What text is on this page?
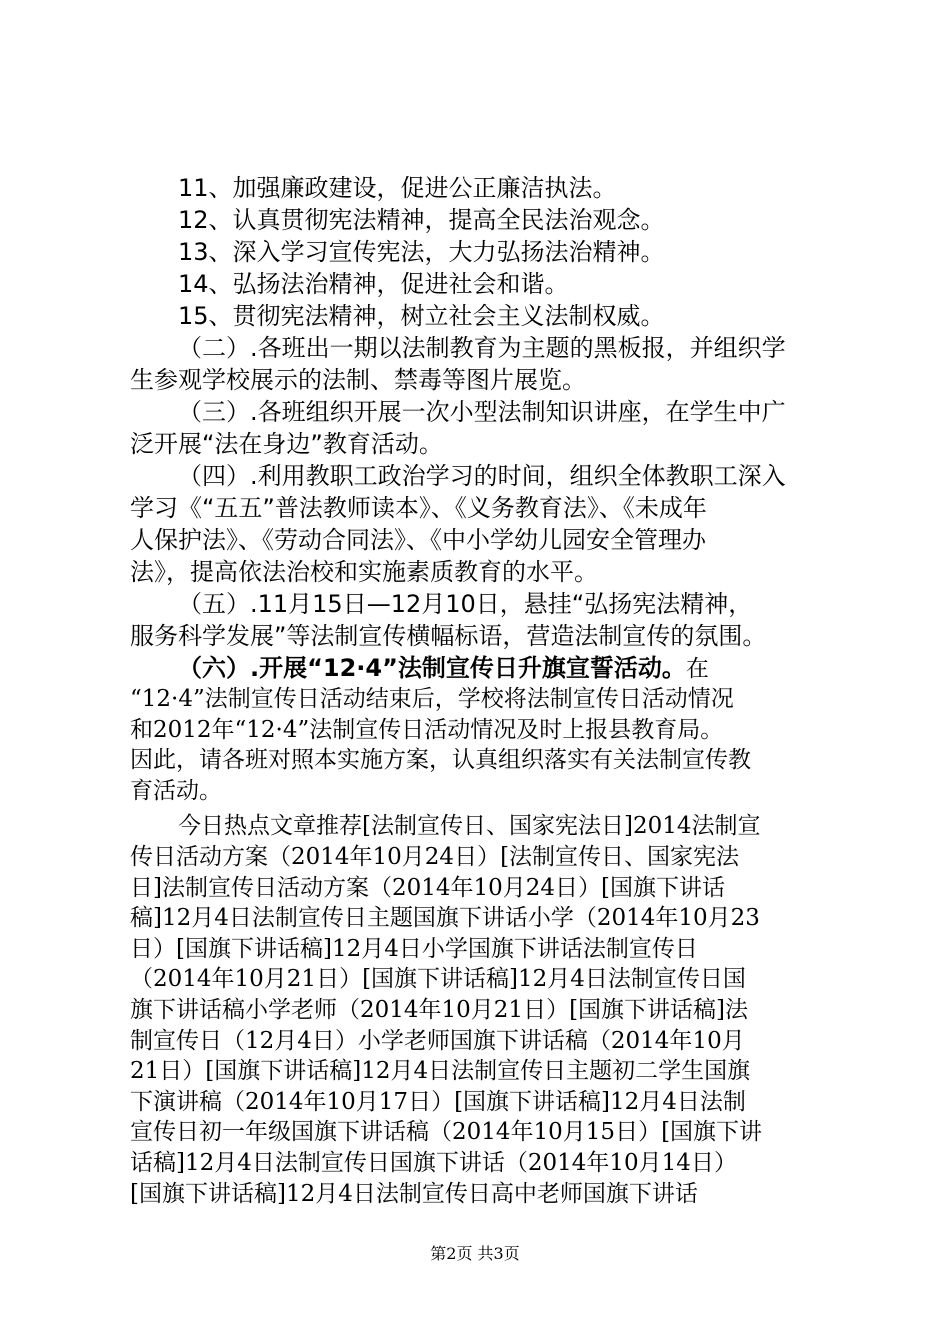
11、加强廉政建设，促进公正廉洁执法。
12、认真贯彻宪法精神，提高全民法治观念。
13、深入学习宣传宪法，大力弘扬法治精神。
14、弘扬法治精神，促进社会和谐。
15、贯彻宪法精神，树立社会主义法制权威。
（二）.各班出一期以法制教育为主题的黑板报，并组织学
生参观学校展示的法制、禁毒等图片展览。
（三）.各班组织开展一次小型法制知识讲座，在学生中广
泛开展“法在身边”教育活动。
（四）.利用教职工政治学习的时间，组织全体教职工深入
学习《“五五”普法教师读本》、《义务教育法》、《未成年
人保护法》、《劳动合同法》、《中小学幼儿园安全管理办
法》，提高依法治校和实施素质教育的水平。
（五）.11月15日—12月10日，悬挂“弘扬宪法精神，
服务科学发展”等法制宣传横幅标语，营造法制宣传的氛围。
（六）.开展“12·4”法制宣传日升旗宣誓活动。在
“12·4”法制宣传日活动结束后，学校将法制宣传日活动情况
和2012年“12·4”法制宣传日活动情况及时上报县教育局。
因此，请各班对照本实施方案，认真组织落实有关法制宣传教
育活动。
今日热点文章推荐[法制宣传日、国家宪法日]2014法制宣
传日活动方案（2014年10月24日）[法制宣传日、国家宪法
日]法制宣传日活动方案（2014年10月24日）[国旗下讲话
稿]12月4日法制宣传日主题国旗下讲话小学（2014年10月23
日）[国旗下讲话稿]12月4日小学国旗下讲话法制宣传日
（2014年10月21日）[国旗下讲话稿]12月4日法制宣传日国
旗下讲话稿小学老师（2014年10月21日）[国旗下讲话稿]法
制宣传日（12月4日）小学老师国旗下讲话稿（2014年10月
21日）[国旗下讲话稿]12月4日法制宣传日主题初二学生国旗
下演讲稿（2014年10月17日）[国旗下讲话稿]12月4日法制
宣传日初一年级国旗下讲话稿（2014年10月15日）[国旗下讲
话稿]12月4日法制宣传日国旗下讲话（2014年10月14日）
[国旗下讲话稿]12月4日法制宣传日高中老师国旗下讲话
第2页 共3页
